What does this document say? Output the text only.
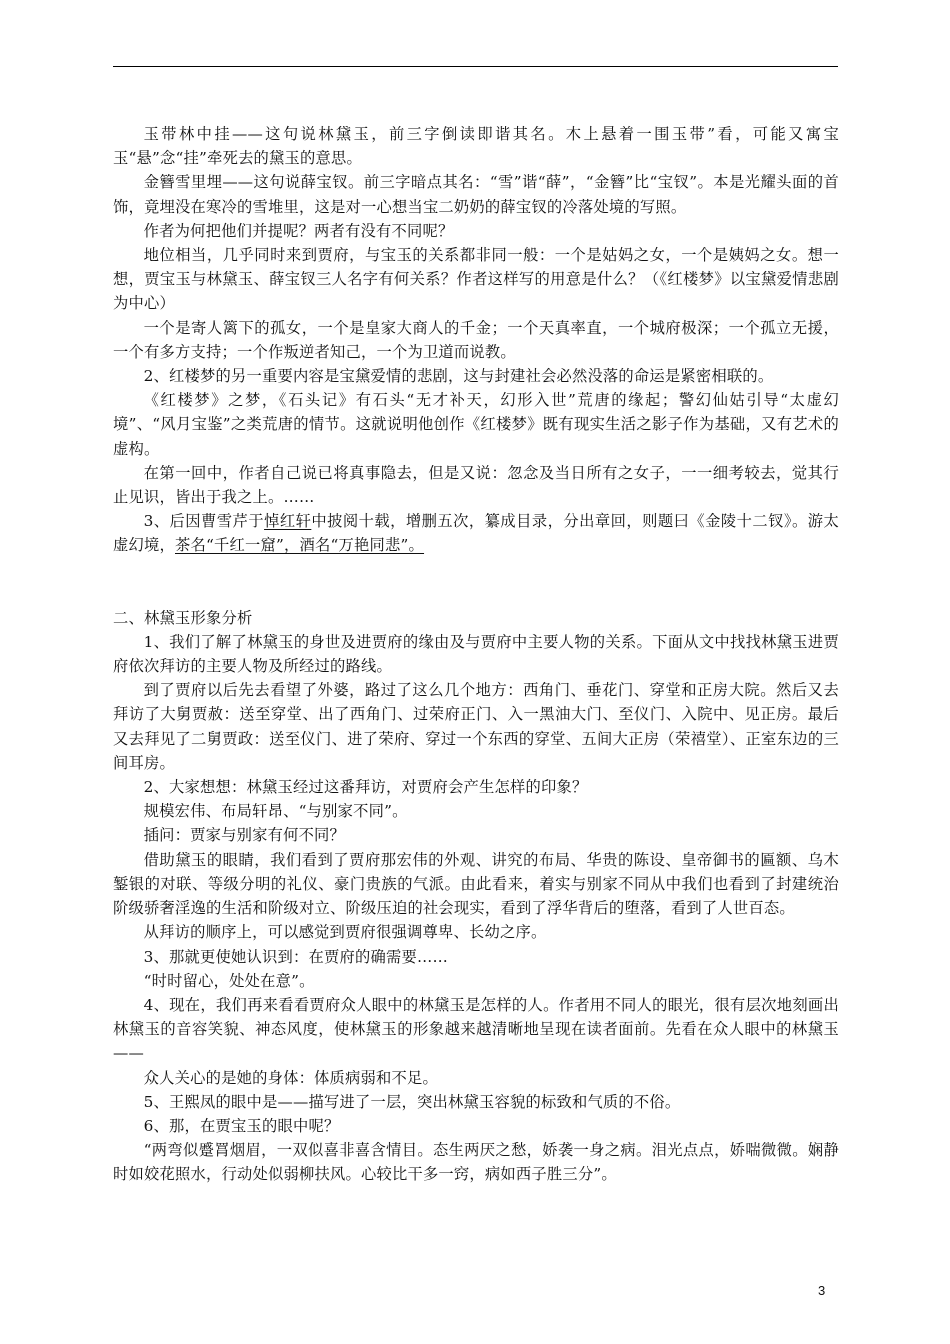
玉带林中挂——这句说林黛玉，前三字倒读即谐其名。木上悬着一围玉带”看，可能又寓宝玉“悬”念“挂”牵死去的黛玉的意思。

金簪雪里埋——这句说薛宝钗。前三字暗点其名：“雪”谐“薛”，“金簪”比“宝钗”。本是光耀头面的首饰，竟埋没在寒冷的雪堆里，这是对一心想当宝二奶奶的薛宝钗的冷落处境的写照。

作者为何把他们并提呢？两者有没有不同呢？

地位相当，几乎同时来到贾府，与宝玉的关系都非同一般：一个是姑妈之女，一个是姨妈之女。想一想，贾宝玉与林黛玉、薛宝钗三人名字有何关系？作者这样写的用意是什么？（《红楼梦》以宝黛爱情悲剧为中心）

一个是寄人篱下的孤女，一个是皇家大商人的千金；一个天真率直，一个城府极深；一个孤立无援，一个有多方支持；一个作叛逆者知己，一个为卫道而说教。

2、红楼梦的另一重要内容是宝黛爱情的悲剧，这与封建社会必然没落的命运是紧密相联的。

《红楼梦》之梦，《石头记》有石头“无才补天，幻形入世”荒唐的缘起；警幻仙姑引导“太虚幻境”、“风月宝鉴”之类荒唐的情节。这就说明他创作《红楼梦》既有现实生活之影子作为基础，又有艺术的虚构。

在第一回中，作者自己说已将真事隐去，但是又说：忽念及当日所有之女子，一一细考较去，觉其行止见识，皆出于我之上。……

3、后因曹雪芹于悼红轩中披阅十载，增删五次，纂成目录，分出章回，则题曰《金陵十二钗》。游太虚幻境，茶名“千红一窟”，酒名“万艳同悲”。

二、林黛玉形象分析

1、我们了解了林黛玉的身世及进贾府的缘由及与贾府中主要人物的关系。下面从文中找找林黛玉进贾府依次拜访的主要人物及所经过的路线。

到了贾府以后先去看望了外婆，路过了这么几个地方：西角门、垂花门、穿堂和正房大院。然后又去拜访了大舅贾赦：送至穿堂、出了西角门、过荣府正门、入一黑油大门、至仪门、入院中、见正房。最后又去拜见了二舅贾政：送至仪门、进了荣府、穿过一个东西的穿堂、五间大正房（荣禧堂）、正室东边的三间耳房。

2、大家想想：林黛玉经过这番拜访，对贾府会产生怎样的印象？

规模宏伟、布局轩昂、“与别家不同”。

插问：贾家与别家有何不同？

借助黛玉的眼睛，我们看到了贾府那宏伟的外观、讲究的布局、华贵的陈设、皇帝御书的匾额、乌木錾银的对联、等级分明的礼仪、豪门贵族的气派。由此看来，着实与别家不同从中我们也看到了封建统治阶级骄奢淫逸的生活和阶级对立、阶级压迫的社会现实，看到了浮华背后的堕落，看到了人世百态。

从拜访的顺序上，可以感觉到贾府很强调尊卑、长幼之序。

3、那就更使她认识到：在贾府的确需要……

“时时留心，处处在意”。

4、现在，我们再来看看贾府众人眼中的林黛玉是怎样的人。作者用不同人的眼光，很有层次地刻画出林黛玉的音容笑貌、神态风度，使林黛玉的形象越来越清晰地呈现在读者面前。先看在众人眼中的林黛玉——

众人关心的是她的身体：体质病弱和不足。

5、王熙凤的眼中是——描写进了一层，突出林黛玉容貌的标致和气质的不俗。

6、那，在贾宝玉的眼中呢？

“两弯似蹙罥烟眉，一双似喜非喜含情目。态生两厌之愁，娇袭一身之病。泪光点点，娇喘微微。娴静时如姣花照水，行动处似弱柳扶风。心较比干多一窍，病如西子胜三分”。

3
